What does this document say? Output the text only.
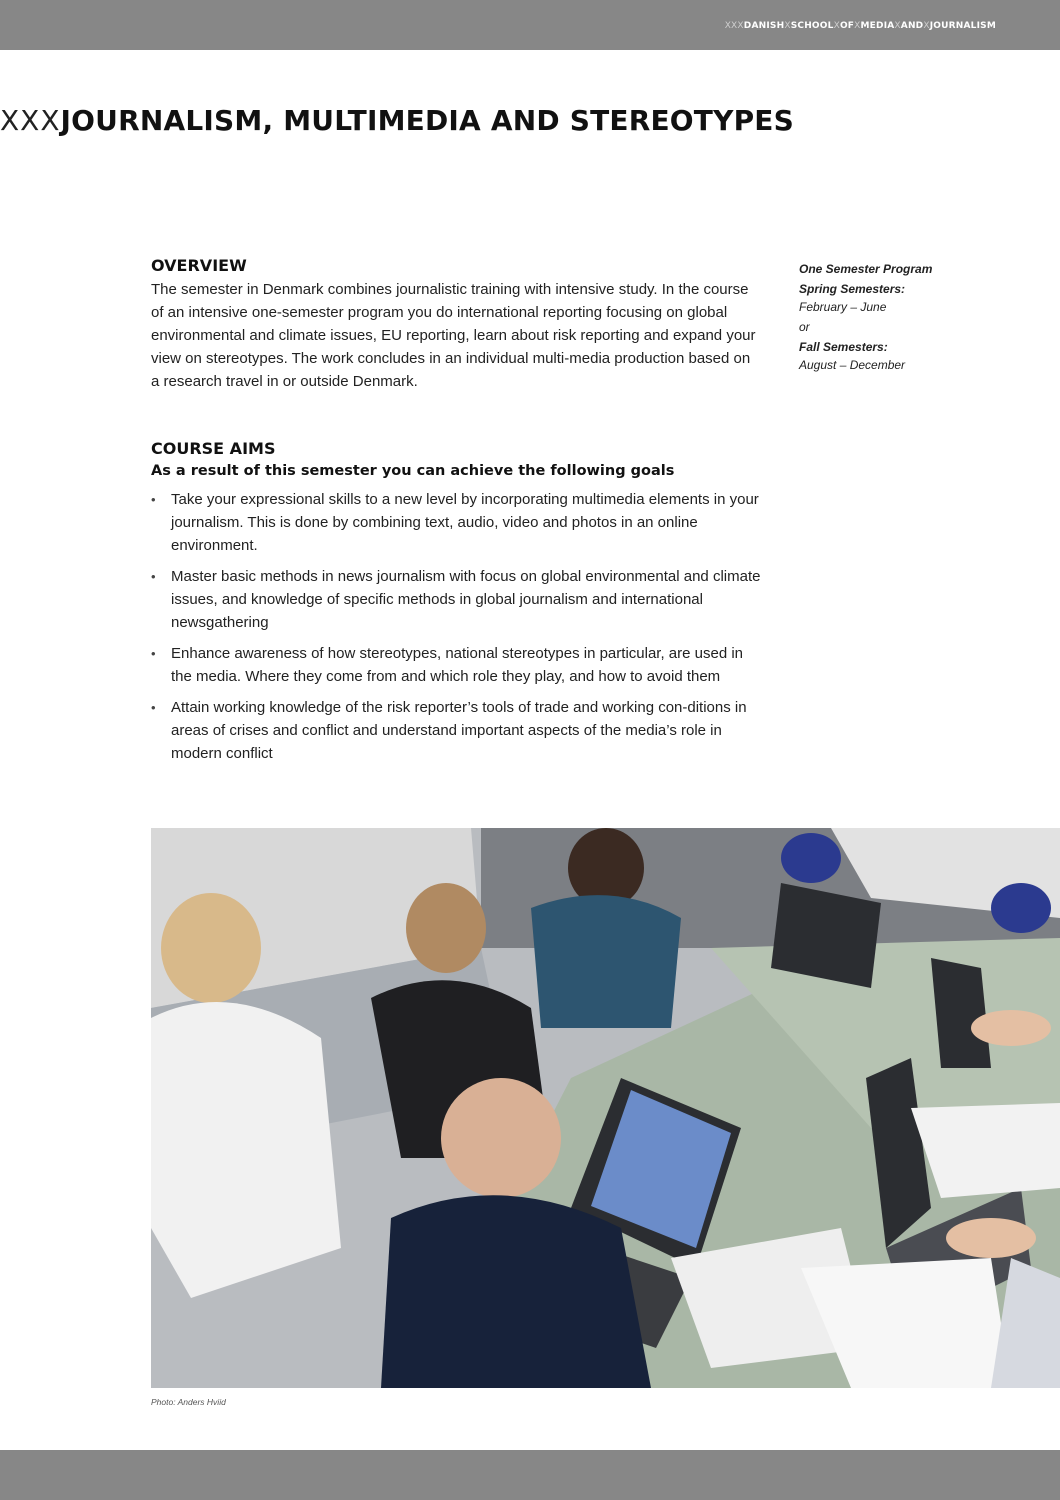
XXXDANISHXSCHOOLXOFXMEDIAXANDXJOURNALISM
XXXJOURNALISM, MULTIMEDIA AND STEREOTYPES
OVERVIEW

The semester in Denmark combines journalistic training with intensive study. In the course of an intensive one-semester program you do international reporting focusing on global environmental and climate issues, EU reporting, learn about risk reporting and expand your view on stereotypes. The work concludes in an individual multi-media production based on a research travel in or outside Denmark.

COURSE AIMS
As a result of this semester you can achieve the following goals
• Take your expressional skills to a new level by incorporating multimedia elements in your journalism. This is done by combining text, audio, video and photos in an online environment.
• Master basic methods in news journalism with focus on global environmental and climate issues, and knowledge of specific methods in global journalism and international newsgathering
• Enhance awareness of how stereotypes, national stereotypes in particular, are used in the media. Where they come from and which role they play, and how to avoid them
• Attain working knowledge of the risk reporter’s tools of trade and working con-ditions in areas of crises and conflict and understand important aspects of the media’s role in modern conflict
One Semester Program
Spring Semesters:
February – June
or
Fall Semesters:
August – December
Photo: Anders Hviid
